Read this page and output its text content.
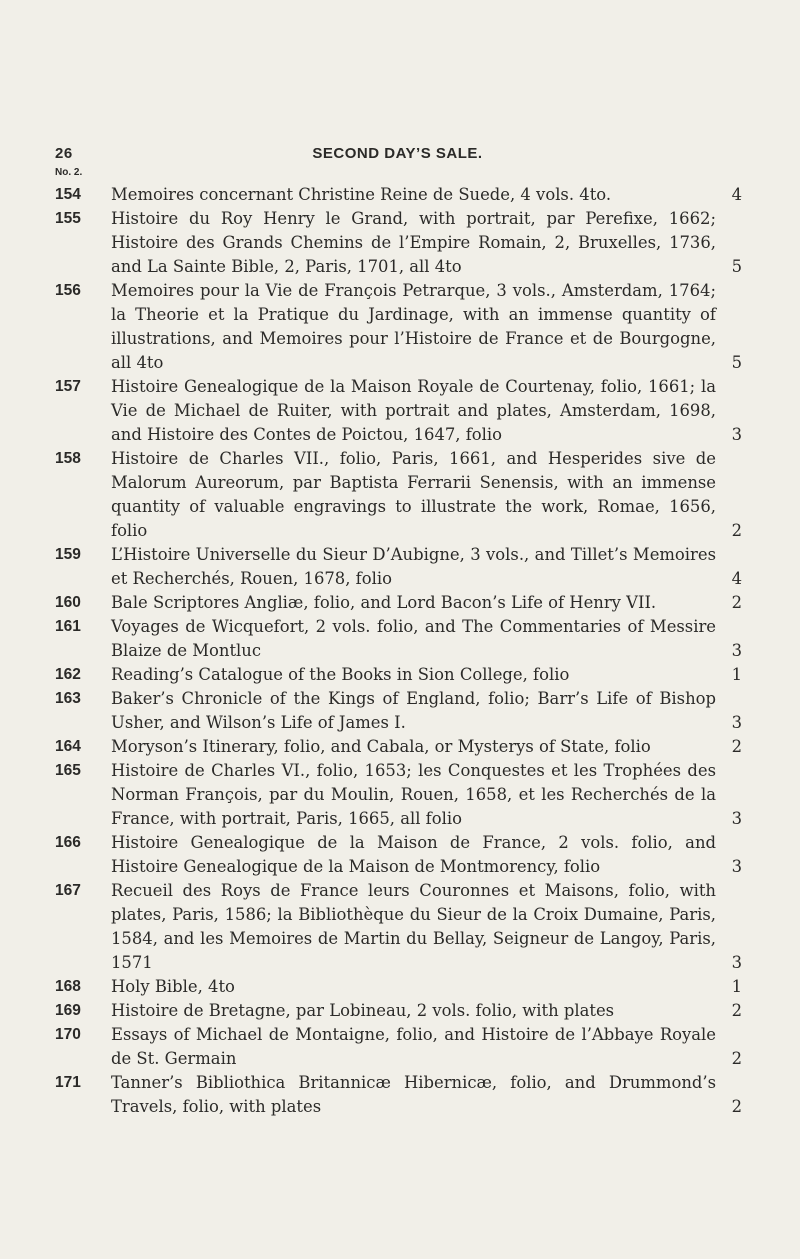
26	SECOND DAY’S SALE.
No. 2.
154 Memoires concernant Christine Reine de Suede, 4 vols. 4to.	4
155 Histoire du Roy Henry le Grand, with portrait, par Perefixe, 1662; Histoire des Grands Chemins de l’Empire Romain, 2, Bruxelles, 1736, and La Sainte Bible, 2, Paris, 1701, all 4to	5
156 Memoires pour la Vie de François Petrarque, 3 vols., Amsterdam, 1764; la Theorie et la Pratique du Jardinage, with an immense quantity of illustrations, and Memoires pour l’Histoire de France et de Bourgogne, all 4to	5
157 Histoire Genealogique de la Maison Royale de Courtenay, folio, 1661; la Vie de Michael de Ruiter, with portrait and plates, Amsterdam, 1698, and Histoire des Contes de Poictou, 1647, folio	3
158 Histoire de Charles VII., folio, Paris, 1661, and Hesperides sive de Malorum Aureorum, par Baptista Ferrarii Senensis, with an immense quantity of valuable engravings to illustrate the work, Romae, 1656, folio	2
159 L’Histoire Universelle du Sieur D’Aubigne, 3 vols., and Tillet’s Memoires et Recherchés, Rouen, 1678, folio	4
160 Bale Scriptores Angliæ, folio, and Lord Bacon’s Life of Henry VII.	2
161 Voyages de Wicquefort, 2 vols. folio, and The Commentaries of Messire Blaize de Montluc	3
162 Reading’s Catalogue of the Books in Sion College, folio	1
163 Baker’s Chronicle of the Kings of England, folio; Barr’s Life of Bishop Usher, and Wilson’s Life of James I.	3
164 Moryson’s Itinerary, folio, and Cabala, or Mysterys of State, folio	2
165 Histoire de Charles VI., folio, 1653; les Conquestes et les Trophées des Norman François, par du Moulin, Rouen, 1658, et les Recherchés de la France, with portrait, Paris, 1665, all folio	3
166 Histoire Genealogique de la Maison de France, 2 vols. folio, and Histoire Genealogique de la Maison de Montmorency, folio	3
167 Recueil des Roys de France leurs Couronnes et Maisons, folio, with plates, Paris, 1586; la Bibliothèque du Sieur de la Croix Dumaine, Paris, 1584, and les Memoires de Martin du Bellay, Seigneur de Langoy, Paris, 1571	3
168 Holy Bible, 4to	1
169 Histoire de Bretagne, par Lobineau, 2 vols. folio, with plates	2
170 Essays of Michael de Montaigne, folio, and Histoire de l’Abbaye Royale de St. Germain	2
171 Tanner’s Bibliothica Britannicæ Hibernicæ, folio, and Drummond’s Travels, folio, with plates	2
